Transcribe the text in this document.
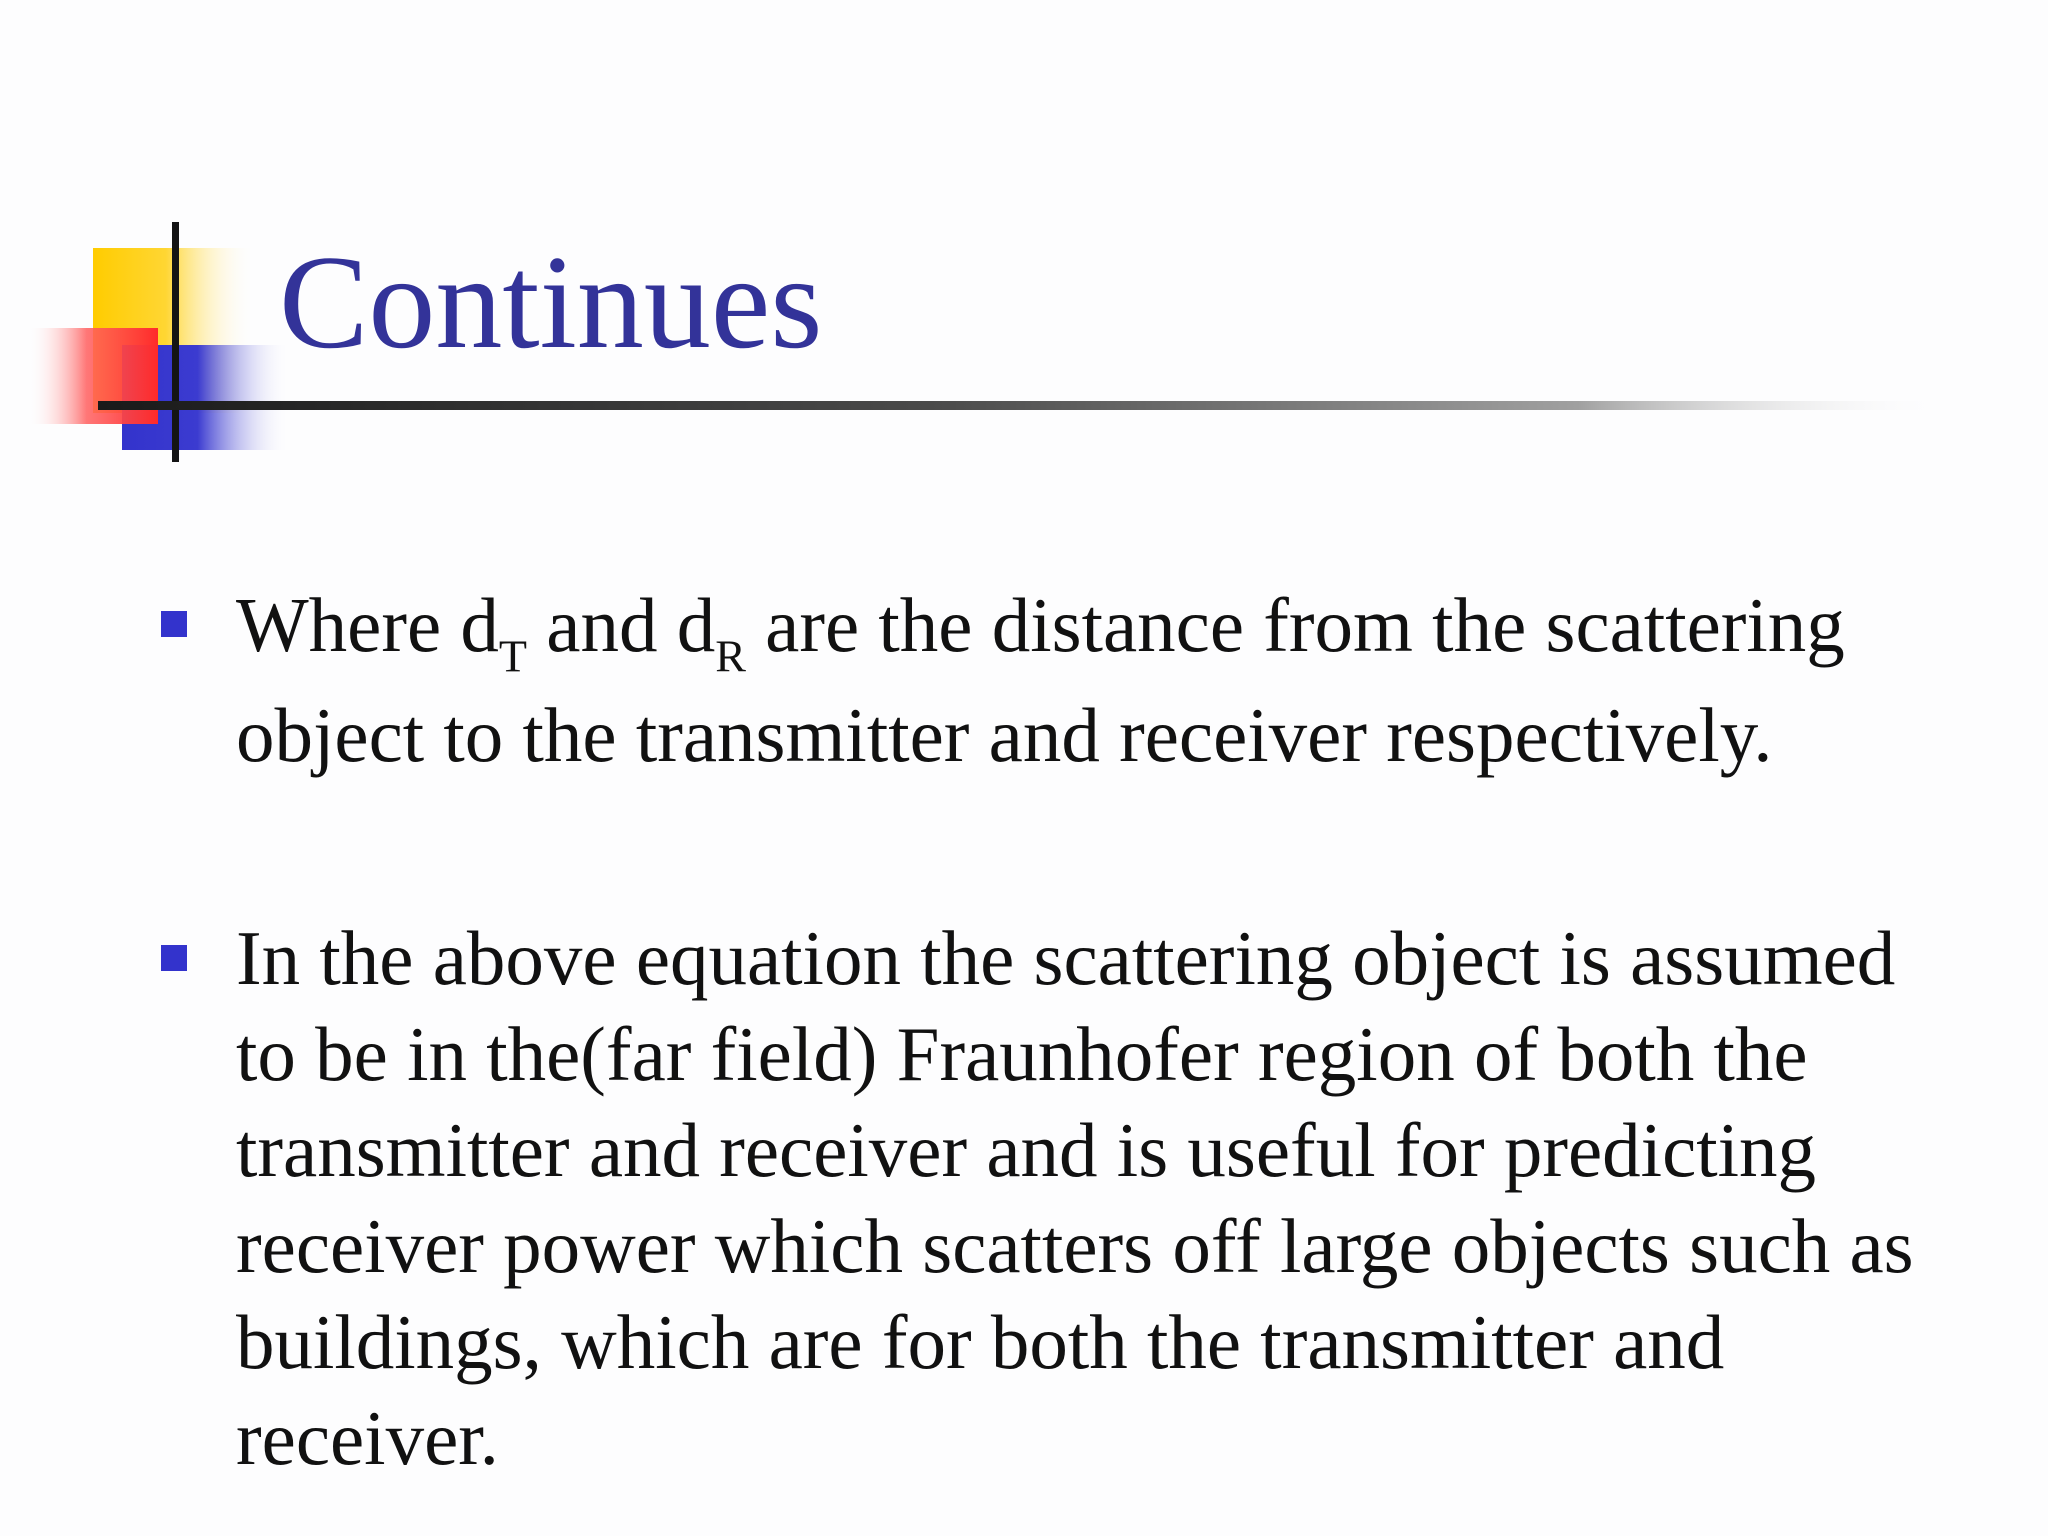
Continues
Where $d_T$ and $d_R$ are the distance from the scattering object to the transmitter and receiver respectively.
In the above equation the scattering object is assumed to be in the(far field) Fraunhofer region of both the transmitter and receiver and is useful for predicting receiver power which scatters off large objects such as buildings, which are for both the transmitter and receiver.
